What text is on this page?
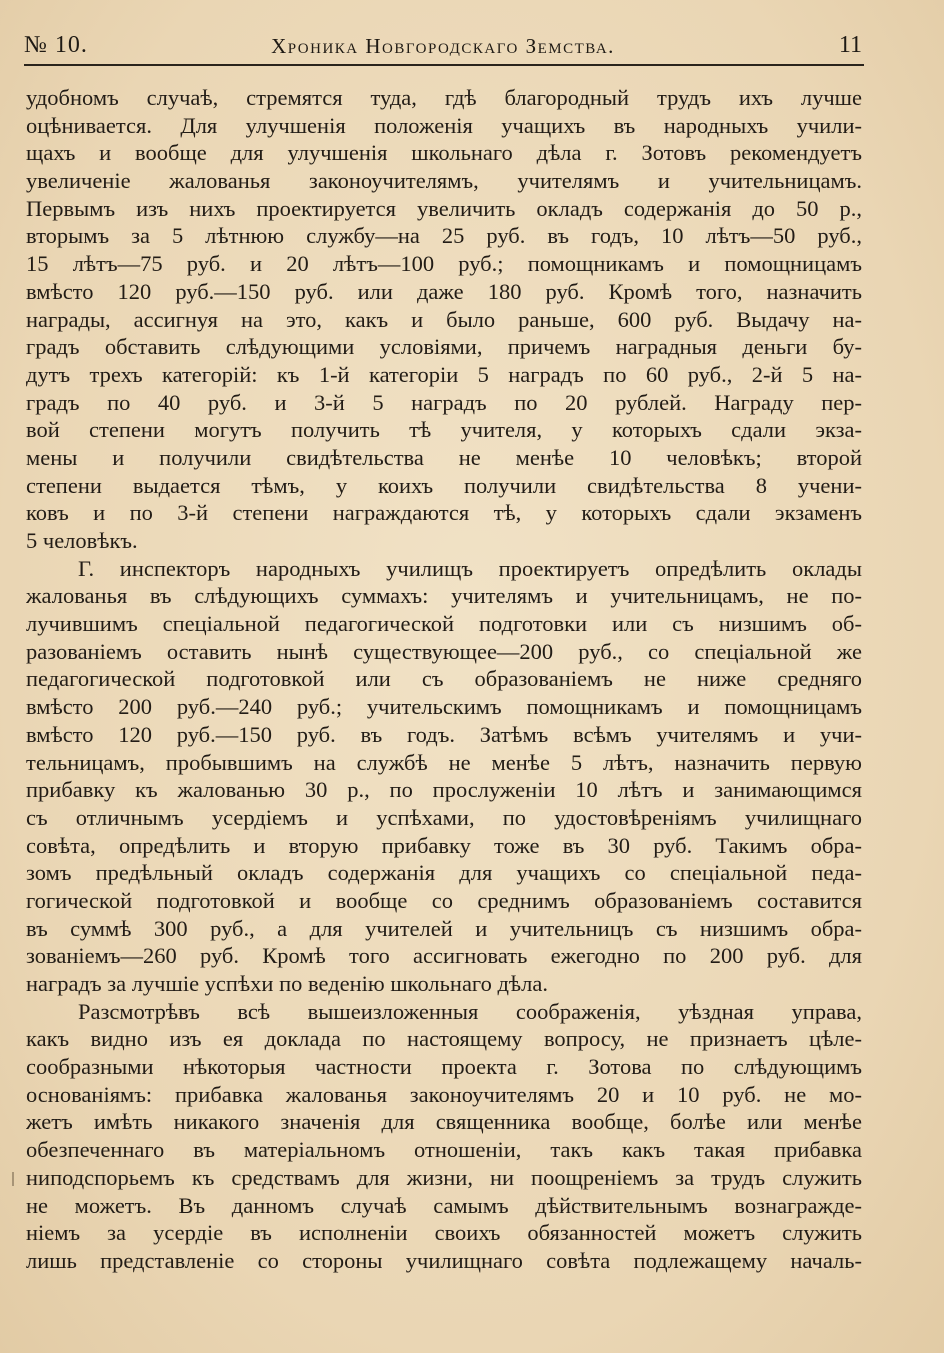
№ 10.	Хроника Новгородскаго Земства.	11
удобномъ случаѣ, стремятся туда, гдѣ благородный трудъ ихъ лучше
оцѣнивается. Для улучшенія положенія учащихъ въ народныхъ учили-
щахъ и вообще для улучшенія школьнаго дѣла г. Зотовъ рекомендуетъ
увеличеніе жалованья законоучителямъ, учителямъ и учительницамъ.
Первымъ изъ нихъ проектируется увеличить окладъ содержанія до 50 р.,
вторымъ за 5 лѣтнюю службу—на 25 руб. въ годъ, 10 лѣтъ—50 руб.,
15 лѣтъ—75 руб. и 20 лѣтъ—100 руб.; помощникамъ и помощницамъ
вмѣсто 120 руб.—150 руб. или даже 180 руб. Кромѣ того, назначить
награды, ассигнуя на это, какъ и было раньше, 600 руб. Выдачу на-
градъ обставить слѣдующими условіями, причемъ наградныя деньги бу-
дутъ трехъ категорій: къ 1-й категоріи 5 наградъ по 60 руб., 2-й 5 на-
градъ по 40 руб. и 3-й 5 наградъ по 20 рублей. Награду пер-
вой степени могутъ получить тѣ учителя, у которыхъ сдали экза-
мены и получили свидѣтельства не менѣе 10 человѣкъ; второй
степени выдается тѣмъ, у коихъ получили свидѣтельства 8 учени-
ковъ и по 3-й степени награждаются тѣ, у которыхъ сдали экзаменъ
5 человѣкъ.
Г. инспекторъ народныхъ училищъ проектируетъ опредѣлить оклады
жалованья въ слѣдующихъ суммахъ: учителямъ и учительницамъ, не по-
лучившимъ спеціальной педагогической подготовки или съ низшимъ об-
разованіемъ оставить нынѣ существующее—200 руб., со спеціальной же
педагогической подготовкой или съ образованіемъ не ниже средняго
вмѣсто 200 руб.—240 руб.; учительскимъ помощникамъ и помощницамъ
вмѣсто 120 руб.—150 руб. въ годъ. Затѣмъ всѣмъ учителямъ и учи-
тельницамъ, пробывшимъ на службѣ не менѣе 5 лѣтъ, назначить первую
прибавку къ жалованью 30 р., по прослуженіи 10 лѣтъ и занимающимся
съ отличнымъ усердіемъ и успѣхами, по удостовѣреніямъ училищнаго
совѣта, опредѣлить и вторую прибавку тоже въ 30 руб. Такимъ обра-
зомъ предѣльный окладъ содержанія для учащихъ со спеціальной педа-
гогической подготовкой и вообще со среднимъ образованіемъ составится
въ суммѣ 300 руб., а для учителей и учительницъ съ низшимъ обра-
зованіемъ—260 руб. Кромѣ того ассигновать ежегодно по 200 руб. для
наградъ за лучшіе успѣхи по веденію школьнаго дѣла.
Разсмотрѣвъ всѣ вышеизложенныя соображенія, уѣздная управа,
какъ видно изъ ея доклада по настоящему вопросу, не признаетъ цѣле-
сообразными нѣкоторыя частности проекта г. Зотова по слѣдующимъ
основаніямъ: прибавка жалованья законоучителямъ 20 и 10 руб. не мо-
жетъ имѣть никакого значенія для священника вообще, болѣе или менѣе
обезпеченнаго въ матеріальномъ отношеніи, такъ какъ такая прибавка
ниподспорьемъ къ средствамъ для жизни, ни поощреніемъ за трудъ служить
не можетъ. Въ данномъ случаѣ самымъ дѣйствительнымъ вознагражде-
ніемъ за усердіе въ исполненіи своихъ обязанностей можетъ служить
лишь представленіе со стороны училищнаго совѣта подлежащему началь-
